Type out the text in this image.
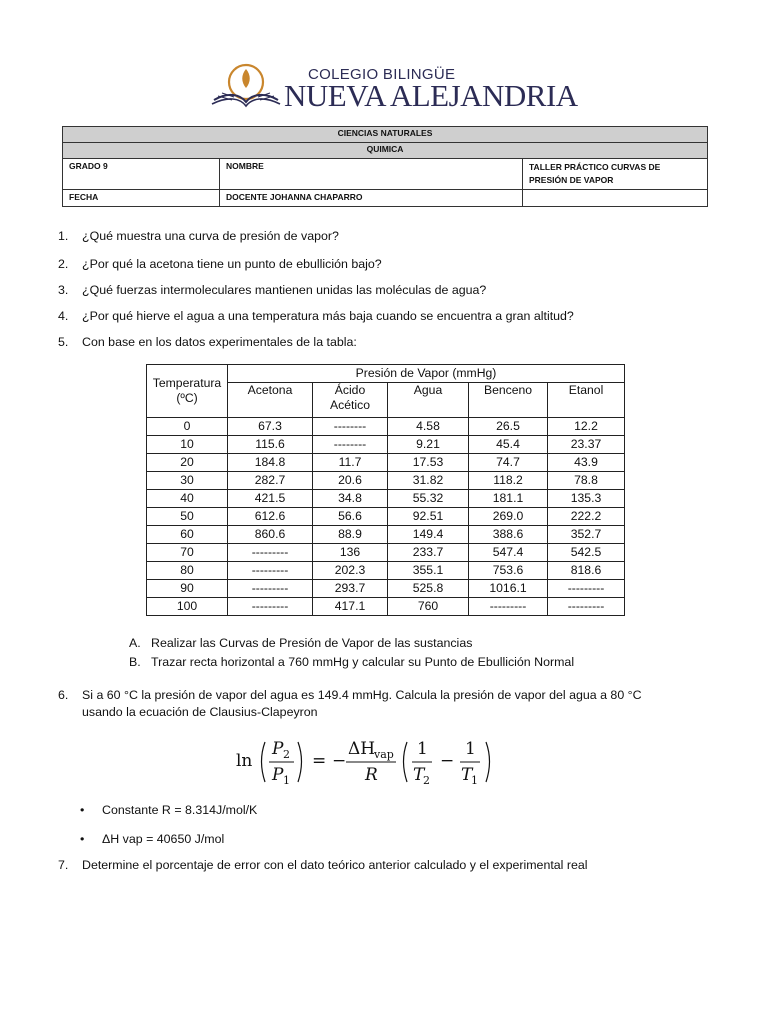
COLEGIO BILINGÜE
NUEVA ALEJANDRIA
CIENCIAS NATURALES		
QUIMICA		
GRADO 9	NOMBRE	TALLER PRÁCTICO CURVAS DE
PRESIÓN DE VAPOR
FECHA	DOCENTE JOHANNA CHAPARRO	
1. ¿Qué muestra una curva de presión de vapor?
2. ¿Por qué la acetona tiene un punto de ebullición bajo?
3. ¿Qué fuerzas intermoleculares mantienen unidas las moléculas de agua?
4. ¿Por qué hierve el agua a una temperatura más baja cuando se encuentra a gran altitud?
5. Con base en los datos experimentales de la tabla:
Temperatura
(ºC)	Presión de Vapor (mmHg)				
	Acetona	Ácido
Acético	Agua	Benceno	Etanol
0	67.3	--------	4.58	26.5	12.2
10	115.6	--------	9.21	45.4	23.37
20	184.8	11.7	17.53	74.7	43.9
30	282.7	20.6	31.82	118.2	78.8
40	421.5	34.8	55.32	181.1	135.3
50	612.6	56.6	92.51	269.0	222.2
60	860.6	88.9	149.4	388.6	352.7
70	---------	136	233.7	547.4	542.5
80	---------	202.3	355.1	753.6	818.6
90	---------	293.7	525.8	1016.1	---------
100	---------	417.1	760	---------	---------
A. Realizar las Curvas de Presión de Vapor de las sustancias
B. Trazar recta horizontal a 760 mmHg y calcular su Punto de Ebullición Normal
6. Si a 60 °C la presión de vapor del agua es 149.4 mmHg. Calcula la presión de vapor del agua a 80 °C
usando la ecuación de Clausius-Clapeyron
ln
P 2
P 1
= −
ΔH
vap
R
1
T
2
−
1
T
1
• Constante R = 8.314J/mol/K
• ΔH vap = 40650 J/mol
7. Determine el porcentaje de error con el dato teórico anterior calculado y el experimental real
